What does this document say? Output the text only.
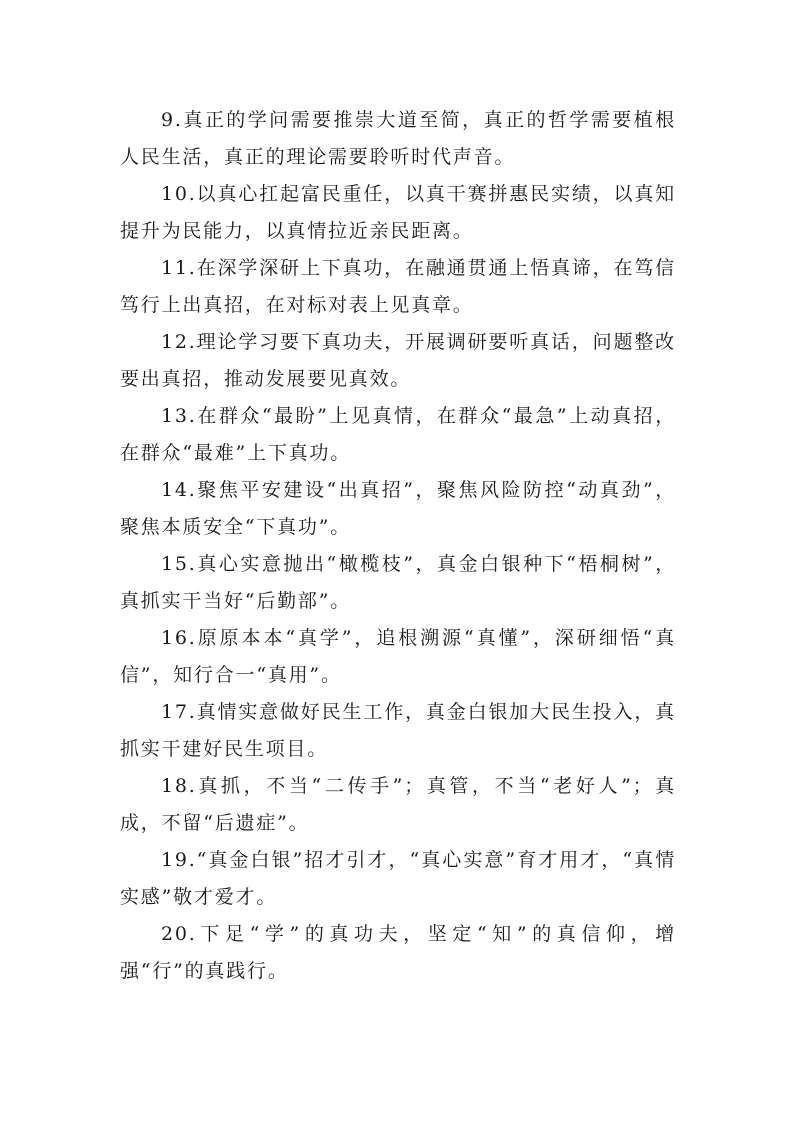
9.真正的学问需要推崇大道至简，真正的哲学需要植根人民生活，真正的理论需要聆听时代声音。

10.以真心扛起富民重任，以真干赛拼惠民实绩，以真知提升为民能力，以真情拉近亲民距离。

11.在深学深研上下真功，在融通贯通上悟真谛，在笃信笃行上出真招，在对标对表上见真章。

12.理论学习要下真功夫，开展调研要听真话，问题整改要出真招，推动发展要见真效。

13.在群众“最盼”上见真情，在群众“最急”上动真招，在群众“最难”上下真功。

14.聚焦平安建设“出真招”，聚焦风险防控“动真劲”，聚焦本质安全“下真功”。

15.真心实意抛出“橄榄枝”，真金白银种下“梧桐树”，真抓实干当好“后勤部”。

16.原原本本“真学”，追根溯源“真懂”，深研细悟“真信”，知行合一“真用”。

17.真情实意做好民生工作，真金白银加大民生投入，真抓实干建好民生项目。

18.真抓，不当“二传手”；真管，不当“老好人”；真成，不留“后遗症”。

19.“真金白银”招才引才，“真心实意”育才用才，“真情实感”敬才爱才。

20.下足“学”的真功夫，坚定“知”的真信仰，增强“行”的真践行。
